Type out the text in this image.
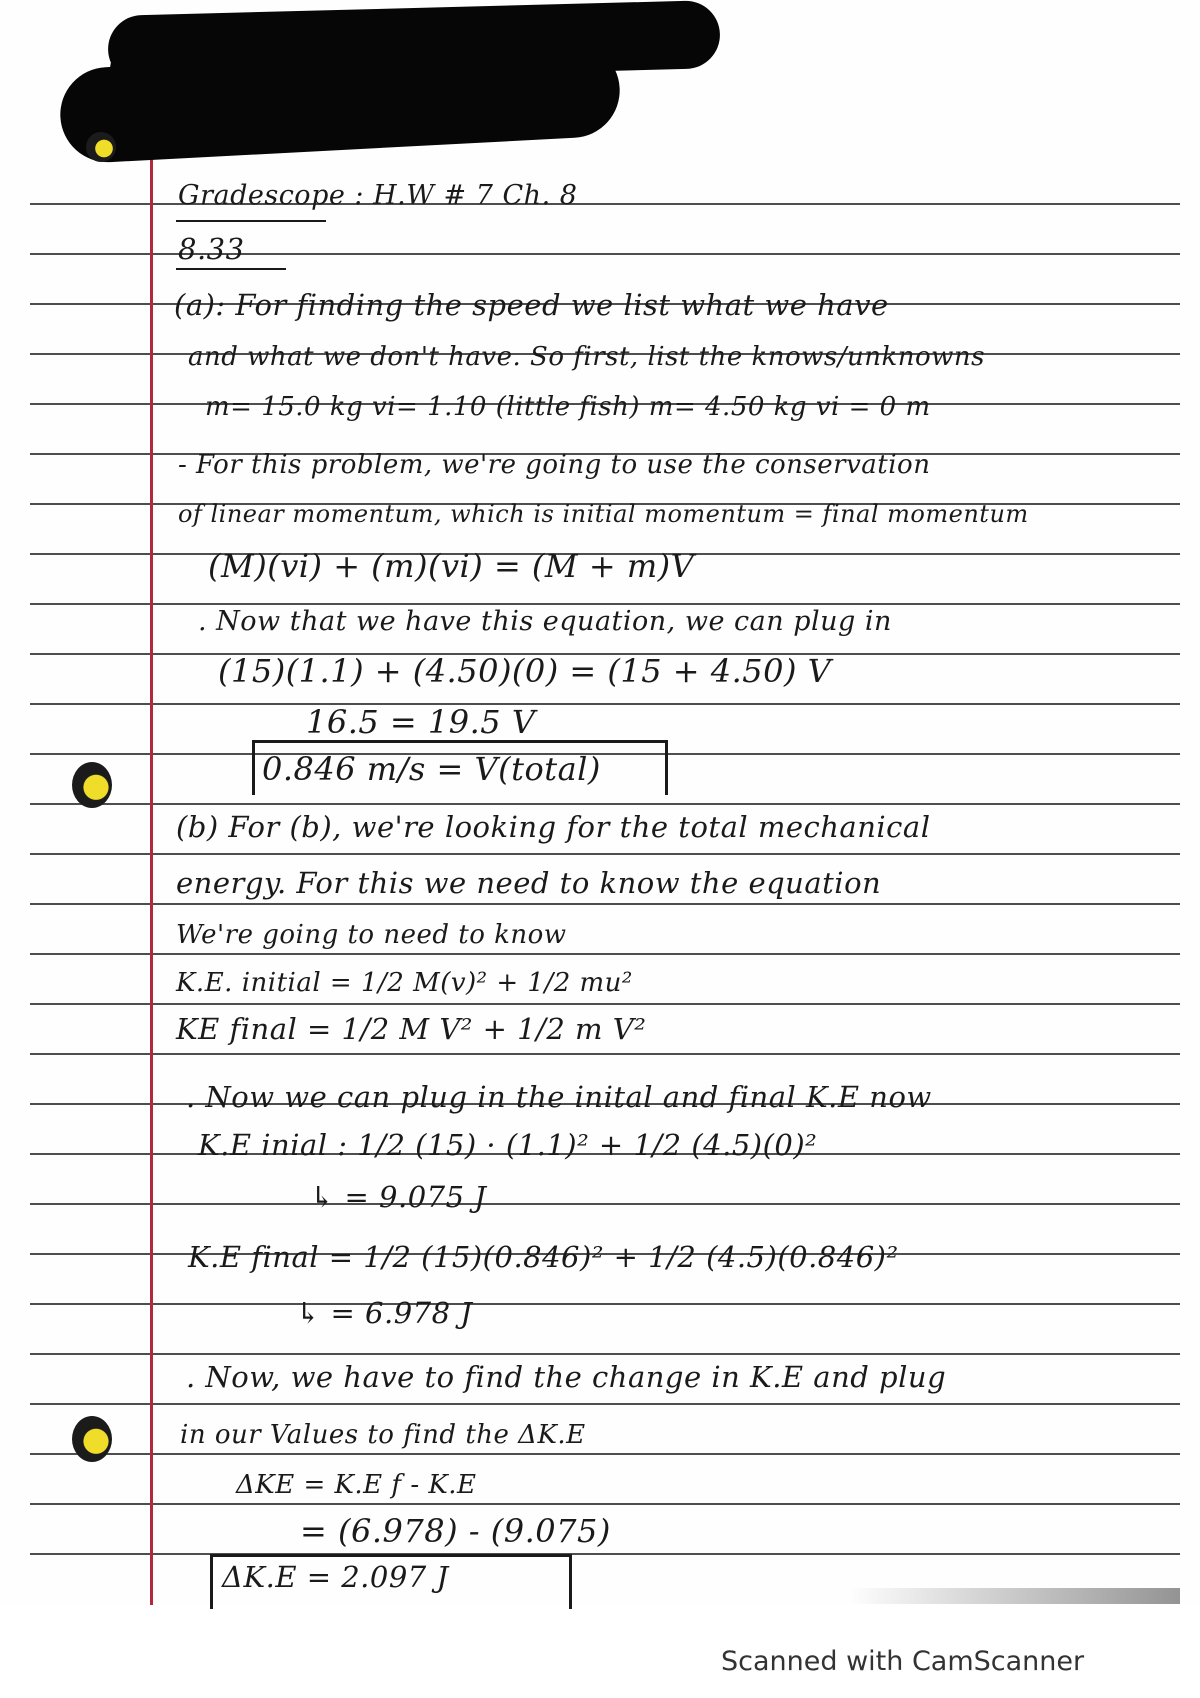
Gradescope : H.W # 7 Ch. 8

8.33

(a): For finding the speed we list what we have

and what we don't have. So first, list the knows/unknowns

m= 15.0 kg vi= 1.10 (little fish) m= 4.50 kg vi = 0 m

- For this problem, we're going to use the conservation

of linear momentum, which is initial momentum = final momentum

(M)(vi) + (m)(vi) = (M + m)V

. Now that we have this equation, we can plug in

(15)(1.1) + (4.50)(0) = (15 + 4.50) V

16.5 = 19.5 V

0.846 m/s = V(total)

(b) For (b), we're looking for the total mechanical

energy. For this we need to know the equation

We're going to need to know

K.E. initial = 1/2 M(v)² + 1/2 mu²

KE final = 1/2 M V² + 1/2 m V²

. Now we can plug in the inital and final K.E now

K.E inial : 1/2 (15) · (1.1)² + 1/2 (4.5)(0)²

↳ = 9.075 J

K.E final = 1/2 (15)(0.846)² + 1/2 (4.5)(0.846)²

↳ = 6.978 J

. Now, we have to find the change in K.E and plug

in our Values to find the ΔK.E

ΔKE = K.E f - K.E

= (6.978) - (9.075)

ΔK.E = 2.097 J

Scanned with CamScanner
